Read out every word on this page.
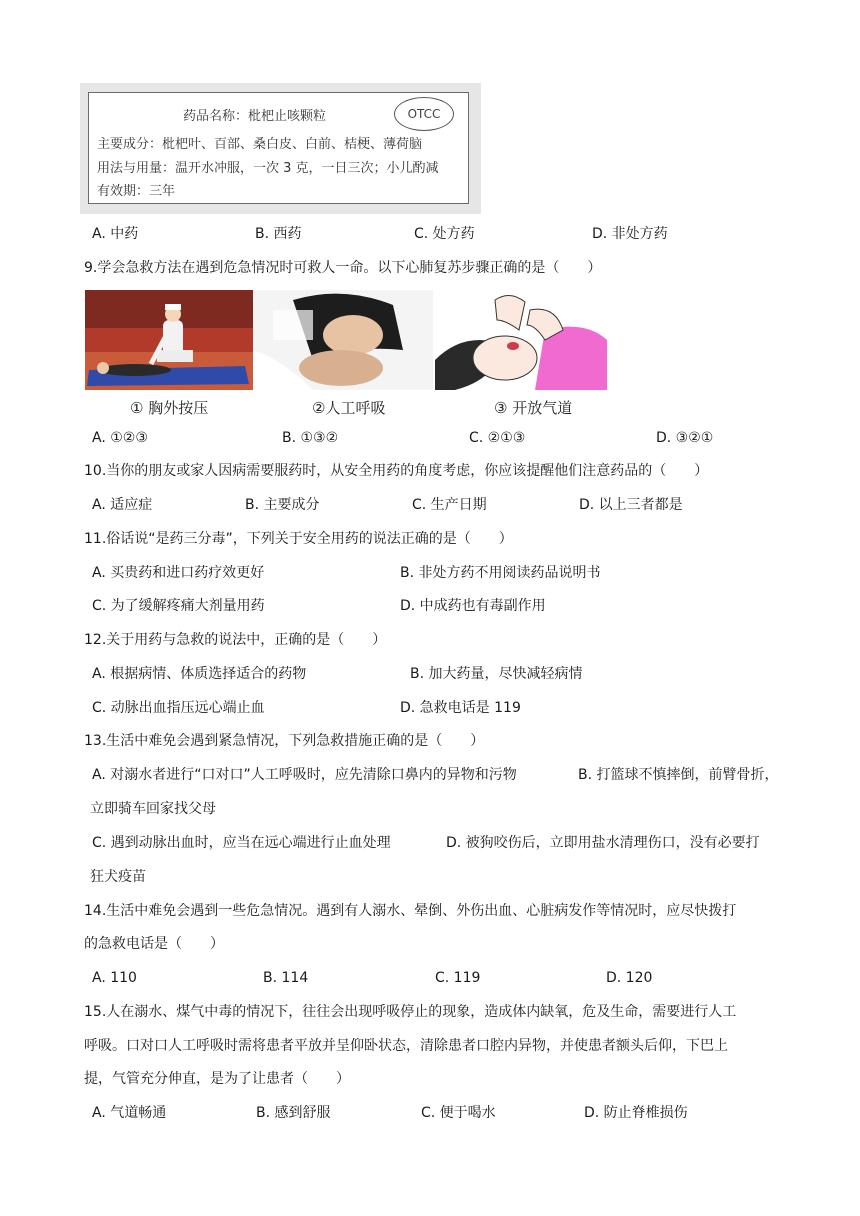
药品名称：枇杷止咳颗粒	OTCC
主要成分：枇杷叶、百部、桑白皮、白前、桔梗、薄荷脑
用法与用量：温开水冲服，一次 3 克，一日三次；小儿酌减
有效期：三年
A. 中药	B. 西药	C. 处方药	D. 非处方药
9.学会急救方法在遇到危急情况时可救人一命。以下心肺复苏步骤正确的是（　　）
① 胸外按压	②人工呼吸	③ 开放气道
A. ①②③	B. ①③②	C. ②①③	D. ③②①
10.当你的朋友或家人因病需要服药时，从安全用药的角度考虑，你应该提醒他们注意药品的（　　）
A. 适应症	B. 主要成分	C. 生产日期	D. 以上三者都是
11.俗话说“是药三分毒”，下列关于安全用药的说法正确的是（　　）
A. 买贵药和进口药疗效更好	B. 非处方药不用阅读药品说明书
C. 为了缓解疼痛大剂量用药	D. 中成药也有毒副作用
12.关于用药与急救的说法中，正确的是（　　）
A. 根据病情、体质选择适合的药物	B. 加大药量，尽快减轻病情
C. 动脉出血指压远心端止血	D. 急救电话是 119
13.生活中难免会遇到紧急情况，下列急救措施正确的是（　　）
A. 对溺水者进行“口对口”人工呼吸时，应先清除口鼻内的异物和污物	B. 打篮球不慎摔倒，前臂骨折，
立即骑车回家找父母
C. 遇到动脉出血时，应当在远心端进行止血处理	D. 被狗咬伤后，立即用盐水清理伤口，没有必要打
狂犬疫苗
14.生活中难免会遇到一些危急情况。遇到有人溺水、晕倒、外伤出血、心脏病发作等情况时，应尽快拨打
的急救电话是（　　）
A. 110	B. 114	C. 119	D. 120
15.人在溺水、煤气中毒的情况下，往往会出现呼吸停止的现象，造成体内缺氧，危及生命，需要进行人工
呼吸。口对口人工呼吸时需将患者平放并呈仰卧状态，清除患者口腔内异物，并使患者额头后仰，下巴上
提，气管充分伸直，是为了让患者（　　）
A. 气道畅通	B. 感到舒服	C. 便于喝水	D. 防止脊椎损伤
